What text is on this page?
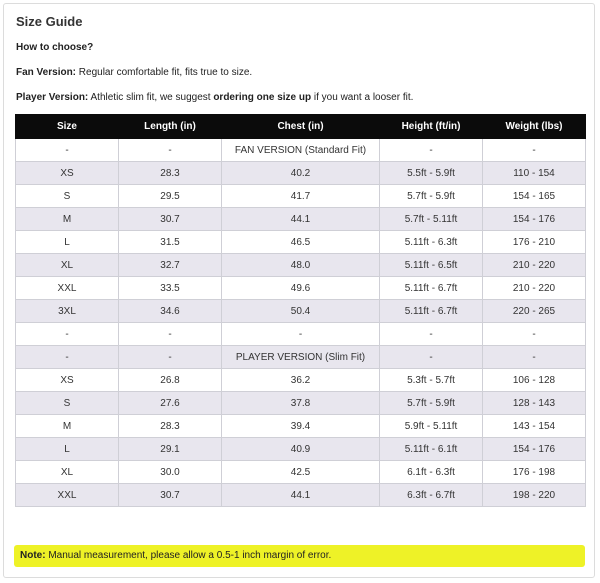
Size Guide
How to choose?
Fan Version: Regular comfortable fit, fits true to size.
Player Version: Athletic slim fit, we suggest ordering one size up if you want a looser fit.
Size	Length (in)	Chest (in)	Height (ft/in)	Weight (lbs)
-	-	FAN VERSION (Standard Fit)	-	-
XS	28.3	40.2	5.5ft - 5.9ft	110 - 154
S	29.5	41.7	5.7ft - 5.9ft	154 - 165
M	30.7	44.1	5.7ft - 5.11ft	154 - 176
L	31.5	46.5	5.11ft - 6.3ft	176 - 210
XL	32.7	48.0	5.11ft - 6.5ft	210 - 220
XXL	33.5	49.6	5.11ft - 6.7ft	210 - 220
3XL	34.6	50.4	5.11ft - 6.7ft	220 - 265
-	-	-	-	-
-	-	PLAYER VERSION (Slim Fit)	-	-
XS	26.8	36.2	5.3ft - 5.7ft	106 - 128
S	27.6	37.8	5.7ft - 5.9ft	128 - 143
M	28.3	39.4	5.9ft - 5.11ft	143 - 154
L	29.1	40.9	5.11ft - 6.1ft	154 - 176
XL	30.0	42.5	6.1ft - 6.3ft	176 - 198
XXL	30.7	44.1	6.3ft - 6.7ft	198 - 220
Note: Manual measurement, please allow a 0.5-1 inch margin of error.
